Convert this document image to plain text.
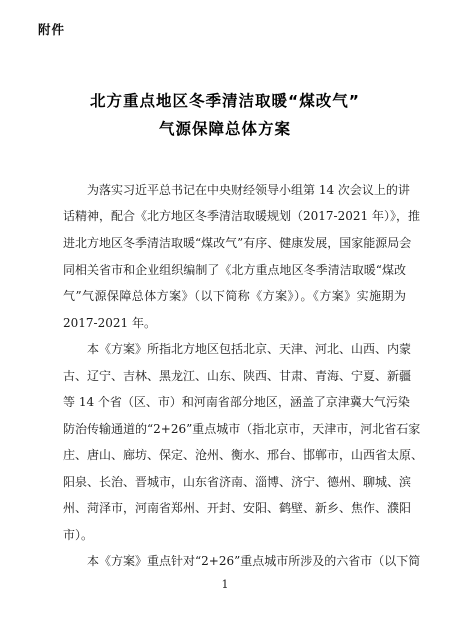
附件
北方重点地区冬季清洁取暖“煤改气”
气源保障总体方案
为落实习近平总书记在中央财经领导小组第 14 次会议上的讲
话精神，配合《北方地区冬季清洁取暖规划（2017-2021 年）》，推
进北方地区冬季清洁取暖“煤改气”有序、健康发展，国家能源局会
同相关省市和企业组织编制了《北方重点地区冬季清洁取暖“煤改
气”气源保障总体方案》（以下简称《方案》）。《方案》实施期为
2017-2021 年。
本《方案》所指北方地区包括北京、天津、河北、山西、内蒙
古、辽宁、吉林、黑龙江、山东、陕西、甘肃、青海、宁夏、新疆
等 14 个省（区、市）和河南省部分地区，涵盖了京津冀大气污染
防治传输通道的“2+26”重点城市（指北京市，天津市，河北省石家
庄、唐山、廊坊、保定、沧州、衡水、邢台、邯郸市，山西省太原、
阳泉、长治、晋城市，山东省济南、淄博、济宁、德州、聊城、滨
州、菏泽市，河南省郑州、开封、安阳、鹤壁、新乡、焦作、濮阳
市）。
本《方案》重点针对“2+26”重点城市所涉及的六省市（以下简
1
